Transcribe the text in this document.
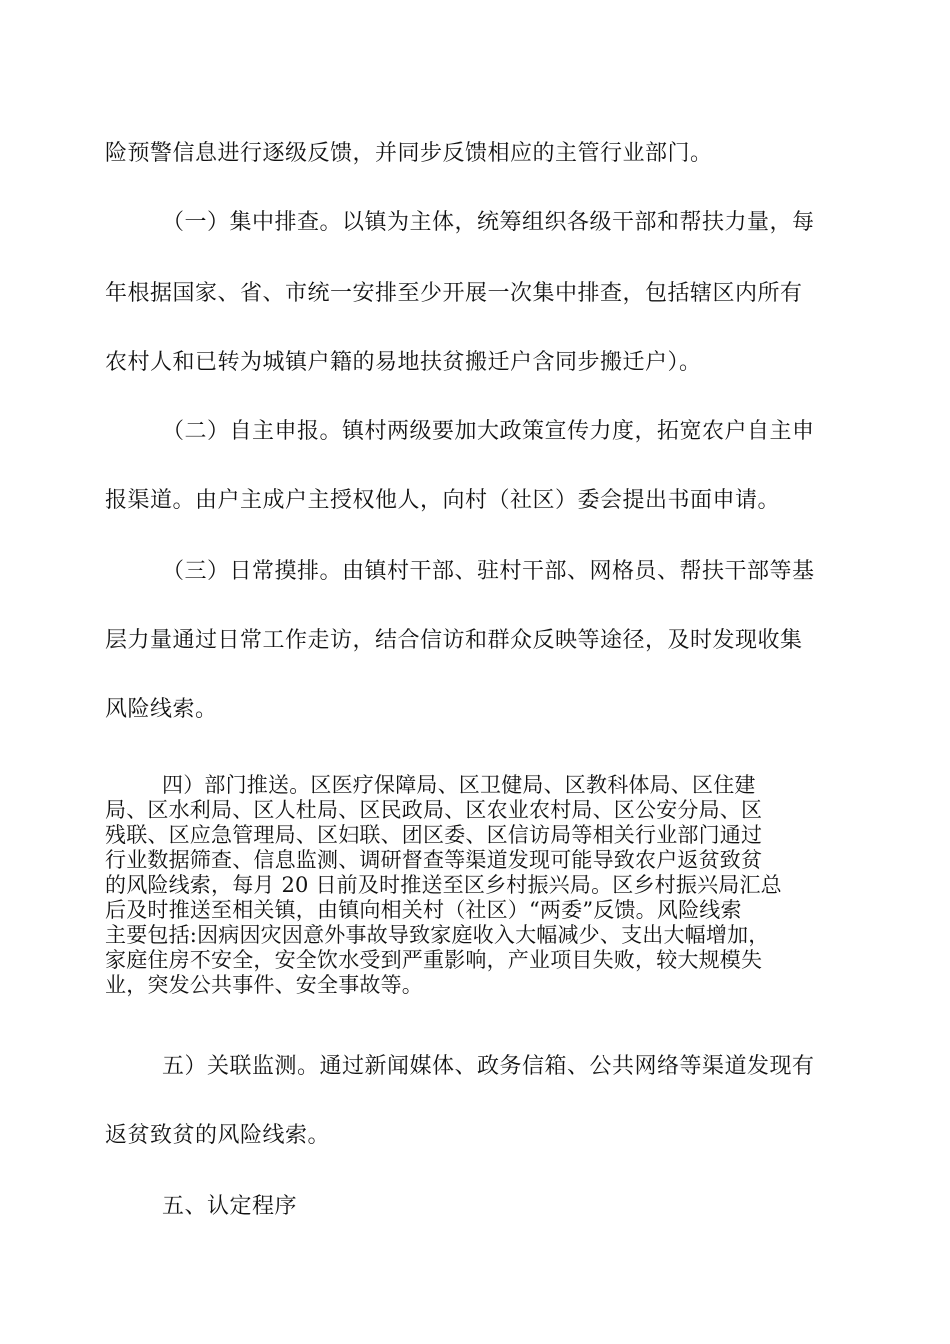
险预警信息进行逐级反馈，并同步反馈相应的主管行业部门。
（一）集中排查。以镇为主体，统筹组织各级干部和帮扶力量，每
年根据国家、省、市统一安排至少开展一次集中排查，包括辖区内所有
农村人和已转为城镇户籍的易地扶贫搬迁户含同步搬迁户）。
（二）自主申报。镇村两级要加大政策宣传力度，拓宽农户自主申
报渠道。由户主成户主授权他人，向村（社区）委会提出书面申请。
（三）日常摸排。由镇村干部、驻村干部、网格员、帮扶干部等基
层力量通过日常工作走访，结合信访和群众反映等途径，及时发现收集
风险线索。
四）部门推送。区医疗保障局、区卫健局、区教科体局、区住建
局、区水利局、区人杜局、区民政局、区农业农村局、区公安分局、区
残联、区应急管理局、区妇联、团区委、区信访局等相关行业部门通过
行业数据筛查、信息监测、调研督查等渠道发现可能导致农户返贫致贫
的风险线索，每月 20 日前及时推送至区乡村振兴局。区乡村振兴局汇总
后及时推送至相关镇，由镇向相关村（社区）“两委”反馈。风险线索
主要包括:因病因灾因意外事故导致家庭收入大幅减少、支出大幅增加，
家庭住房不安全，安全饮水受到严重影响，产业项目失败，较大规模失
业，突发公共事件、安全事故等。
五）关联监测。通过新闻媒体、政务信箱、公共网络等渠道发现有
返贫致贫的风险线索。
五、认定程序
